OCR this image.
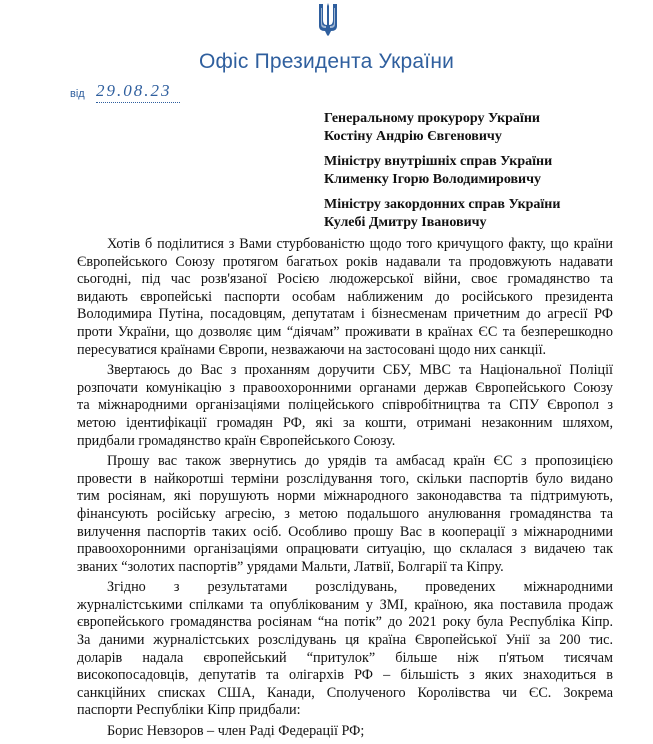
Офіс Президента України
від 29.08.23
Генеральному прокурору України
Костіну Андрію Євгеновичу
Міністру внутрішніх справ України
Клименку Ігорю Володимировичу
Міністру закордонних справ України
Кулебі Дмитру Івановичу
Хотів б поділитися з Вами стурбованістю щодо того кричущого факту, що країни
Європейського Союзу протягом багатьох років надавали та продовжують надавати
сьогодні, під час розв'язаної Росією людожерської війни, своє громадянство та
видають європейські паспорти особам наближеним до російського президента
Володимира Путіна, посадовцям, депутатам і бізнесменам причетним до агресії РФ
проти України, що дозволяє цим “діячам” проживати в країнах ЄС та безперешкодно
пересуватися країнами Європи, незважаючи на застосовані щодо них санкції.
Звертаюсь до Вас з проханням доручити СБУ, МВС та Національної Поліції
розпочати комунікацію з правоохоронними органами держав Європейського Союзу
та міжнародними організаціями поліцейського співробітництва та СПУ Європол з
метою ідентифікації громадян РФ, які за кошти, отримані незаконним шляхом,
придбали громадянство країн Європейського Союзу.
Прошу вас також звернутись до урядів та амбасад країн ЄС з пропозицією
провести в найкоротші терміни розслідування того, скільки паспортів було видано
тим росіянам, які порушують норми міжнародного законодавства та підтримують,
фінансують російську агресію, з метою подальшого анулювання громадянства та
вилучення паспортів таких осіб. Особливо прошу Вас в кооперації з міжнародними
правоохоронними організаціями опрацювати ситуацію, що склалася з видачею так
званих “золотих паспортів” урядами Мальти, Латвії, Болгарії та Кіпру.
Згідно з результатами розслідувань, проведених міжнародними
журналістськими спілками та опублікованим у ЗМІ, країною, яка поставила продаж
європейського громадянства росіянам “на потік” до 2021 року була Республіка Кіпр.
За даними журналістських розслідувань ця країна Європейської Унії за 200 тис.
доларів надала європейський “притулок” більше ніж п'ятьом тисячам
високопосадовців, депутатів та олігархів РФ – більшість з яких знаходиться в
санкційних списках США, Канади, Сполученого Королівства чи ЄС. Зокрема
паспорти Республіки Кіпр придбали:
Борис Невзоров – член Раді Федерації РФ;
